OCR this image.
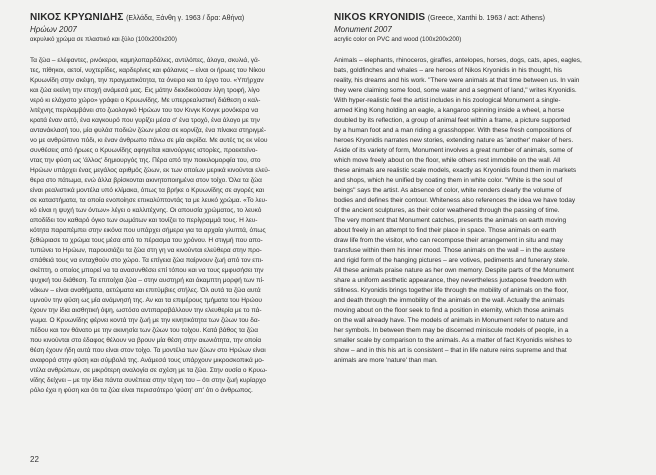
ΝΙΚΟΣ ΚΡΥΩΝΙΔΗΣ (Ελλάδα, Ξάνθη γ. 1963 / δρα: Αθήνα)
Ηρώων 2007
ακρυλικό χρώμα σε πλαστικό και ξύλο (100x200x200)
Τα ζώα – ελέφαντες, ρινόκεροι, καμηλοπαρδάλεις, αντιλόπες, άλογα, σκυλιά, γά-
τες, πίθηκοι, αετοί, νυχτερίδες, καρδερίνες και φάλαινες – είναι οι ήρωες του Νίκου
Κρυωνίδη στην σκέψη, την πραγματικότητα, τα όνειρα και το έργο του. «Υπήρχαν
και ζώα εκείνη την εποχή ανάμεσά μας. Εις μάτην διεκδικούσαν λίγη τροφή, λίγο
νερό κι ελάχιστο χώρο» γράφει ο Κρυωνίδης. Με υπερρεαλιστική διάθεση ο καλ-
λιτέχνης περιλαμβάνει στο ζωολογικό Ηρώων του τον Κινγκ Κονγκ μονόκερα να
κρατά έναν αετό, ένα καγκουρό που γυρίζει μέσα σ' ένα τροχό, ένα άλογο με την
αντανάκλασή του, μία φυλάσ ποδιών ζώων μέσα σε κορνίζα, ένα πίνακα στηριγμέ-
νο με ανθρώπινο πόδι, κι έναν άνθρωπο πάνω σε μία ακρίδα. Με αυτές τις εκ νέου
συνθέσεις από ήρωες ο Κρυωνίδης αφηγείται καινούργιες ιστορίες, προεκτείνο-
ντας την φύση ως 'άλλος' δημιουργός της. Πέρα από την ποικιλομορφία του, στο
Ηρώων υπάρχει ένας μεγάλος αριθμός ζώων, εκ των οποίων μερικά κινούνται ελεύ-
θερα στο πάτωμα, ενώ άλλα βρίσκονται ακινητοποιημένα στον τοίχο. Όλα τα ζώα
είναι ρεαλιστικά μοντέλα υπό κλίμακα, όπως τα βρήκε ο Κρυωνίδης σε αγορές και
σε καταστήματα, τα οποία ενοποίησε επικαλύπτοντάς τα με λευκό χρώμα. «Το λευ-
κό είναι η ψυχή των όντων» λέγει ο καλλιτέχνης. Οι απουσία χρώματος, το λευκό
αποδίδει τον καθαρό όγκο των σωμάτων και τονίζει το περίγραμμά τους. Η λευ-
κότητα παραπέμπει στην εικόνα που υπάρχει σήμερα για τα αρχαία γλυπτά, όπως
ξεθώριασε το χρώμα τους μέσα από το πέρασμα του χρόνου. Η στιγμή που απο-
τυπώνει το Ηρώων, παρουσιάζει τα ζώα στη γη να κινούνται ελεύθερα στην προ-
σπάθειά τους να ενταχθούν στο χώρο. Τα επίγεια ζώα παίρνουν ζωή από τον επι-
σκέπτη, ο οποίος μπορεί να τα ανασυνθέσει επί τόπου και να τους εμφυσήσει την
ψυχική του διάθεση. Τα επιτοίχια ζώα – στην αυστηρή και άκαμπτη μορφή των πί-
νάκων – είναι αναθήματα, αετώματα και επιτύμβιες στήλες. Όλ αυτά τα ζώα αυτά
υμνούν την φύση ως μία ανάμνησή της. Αν και τα επιμέρους τμήματα του Ηρώου
έχουν την ίδια αισθητική όψη, ωστόσο αντιπαραβάλλουν την ελευθερία με το πά-
γωμα. Ο Κρυωνίδης φέρνει κοντά την ζωή με την κινητικότητα των ζώων του δα-
πέδου και τον θάνατο με την ακινησία των ζώων του τοίχου. Κατά βάθος τα ζώα
που κινούνται στο έδαφος θέλουν να βρουν μία θέση στην αιωνιότητα, την οποία
θέση έχουν ήδη αυτά που είναι στον τοίχο. Τα μοντέλα των ζώων στο Ηρώων είναι
αναφορά στην φύση και σύμβολά της. Ανάμεσά τους υπάρχουν μικροσκοπικά μο-
ντέλα ανθρώπων, σε μικρότερη αναλογία σε σχέση με τα ζώα. Στην ουσία ο Κρυω-
νίδης δείχνει – με την ίδια πάντα συνέπεια στην τέχνη του – ότι στην ζωή κυρίαρχο
ρόλο έχει η φύση και ότι τα ζώα είναι περισσότερο 'φύση' απ' ότι ο άνθρωπος.
NIKOS KRYONIDIS (Greece, Xanthi b. 1963 / act: Athens)
Monument 2007
acrylic color on PVC and wood (100x200x200)
Animals – elephants, rhinoceros, giraffes, antelopes, horses, dogs, cats, apes, eagles,
bats, goldfinches and whales – are heroes of Nikos Kryonidis in his thought, his
reality, his dreams and his work. "There were animals at that time between us. In vain
they were claiming some food, some water and a segment of land," writes Kryonidis.
With hyper-realistic feel the artist includes in his zoological Monument a single-
armed King Kong holding an eagle, a kangaroo spinning inside a wheel, a horse
doubled by its reflection, a group of animal feet within a frame, a picture supported
by a human foot and a man riding a grasshopper. With these fresh compositions of
heroes Kryonidis narrates new stories, extending nature as 'another' maker of hers.
Aside of its variety of form, Monument involves a great number of animals, some of
which move freely about on the floor, while others rest immobile on the wall. All
these animals are realistic scale models, exactly as Kryonidis found them in markets
and shops, which he unified by coating them in white color. "White is the soul of
beings" says the artist. As absence of color, white renders clearly the volume of
bodies and defines their contour. Whiteness also references the idea we have today
of the ancient sculptures, as their color weathered through the passing of time.
The very moment that Monument catches, presents the animals on earth moving
about freely in an attempt to find their place in space. Those animals on earth
draw life from the visitor, who can recompose their arrangement in situ and may
transfuse within them his inner mood. Those animals on the wall – in the austere
and rigid form of the hanging pictures – are votives, pediments and funerary stele.
All these animals praise nature as her own memory. Despite parts of the Monument
share a uniform aesthetic appearance, they nevertheless juxtapose freedom with
stillness. Kryonidis brings together life through the mobility of animals on the floor,
and death through the immobility of the animals on the wall. Actually the animals
moving about on the floor seek to find a position in eternity, which those animals
on the wall already have. The models of animals in Monument refer to nature and
her symbols. In between them may be discerned miniscule models of people, in a
smaller scale by comparison to the animals. As a matter of fact Kryonidis wishes to
show – and in this his art is consistent – that in life nature reins supreme and that
animals are more 'nature' than man.
22
